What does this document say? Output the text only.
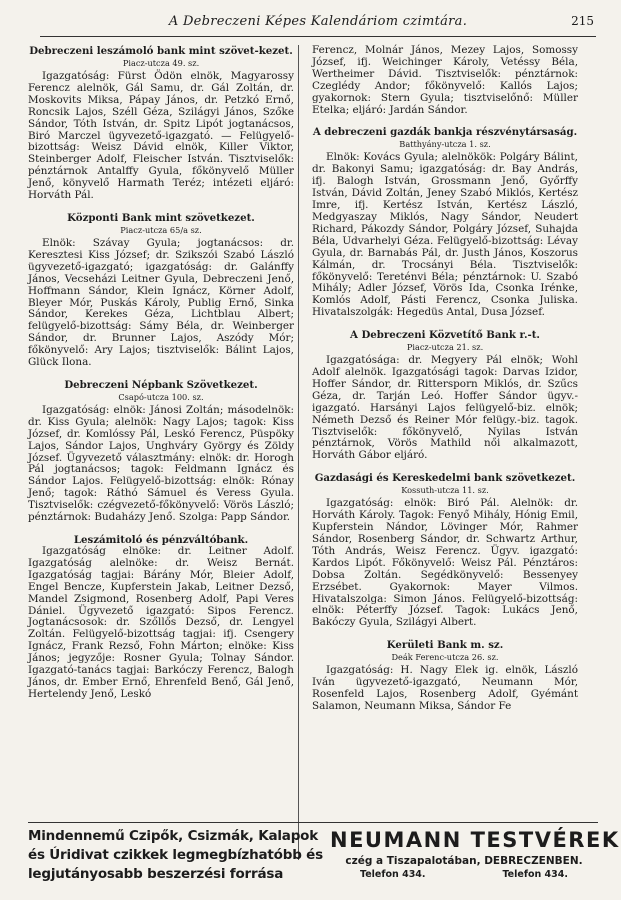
A Debreczeni Képes Kalendáriom czimtára.	215
Debreczeni leszámoló bank mint szövet-kezet.
Piacz-utcza 49. sz.

Igazgatóság: Fürst Ödön elnök, Magyarossy Ferencz alelnök, Gál Samu, dr. Gál Zoltán, dr. Moskovits Miksa, Pápay János, dr. Petzkó Ernő, Roncsik Lajos, Széll Géza, Szilágyi János, Szőke Sándor, Tóth István, dr. Spitz Lipót jogtanácsos, Biró Marczel ügyvezető-igazgató. — Felügyelő-bizottság: Weisz Dávid elnök, Killer Viktor, Steinberger Adolf, Fleischer István. Tisztviselők: pénztárnok Antalffy Gyula, főkönyvelő Müller Jenő, könyvelő Harmath Teréz; intézeti eljáró: Horváth Pál.

Központi Bank mint szövetkezet.
Piacz-utcza 65/a sz.

Elnök: Szávay Gyula; jogtanácsos: dr. Keresztesi Kiss József; dr. Szikszói Szabó László ügyvezető-igazgató; igazgatóság: dr. Galánffy János, Vecseházi Leitner Gyula, Debreczeni Jenő, Hoffmann Sándor, Klein Ignácz, Körner Adolf, Bleyer Mór, Puskás Károly, Publig Ernő, Sinka Sándor, Kerekes Géza, Lichtblau Albert; felügyelő-bizottság: Sámy Béla, dr. Weinberger Sándor, dr. Brunner Lajos, Aszódy Mór; főkönyvelő: Ary Lajos; tisztviselők: Bálint Lajos, Glück Ilona.

Debreczeni Népbank Szövetkezet.
Csapó-utcza 100. sz.

Igazgatóság: elnök: Jánosi Zoltán; másodelnök: dr. Kiss Gyula; alelnök: Nagy Lajos; tagok: Kiss József, dr. Komlóssy Pál, Leskó Ferencz, Püspöky Lajos, Sándor Lajos, Unghváry György és Zöldy József. Ügyvezető választmány: elnök: dr. Horogh Pál jogtanácsos; tagok: Feldmann Ignácz és Sándor Lajos. Felügyelő-bizottság: elnök: Rónay Jenő; tagok: Ráthó Sámuel és Veress Gyula. Tisztviselők: czégvezető-főkönyvelő: Vörös László; pénztárnok: Budaházy Jenő. Szolga: Papp Sándor.

Leszámitoló és pénzváltóbank.

Igazgatóság elnöke: dr. Leitner Adolf. Igazgatóság alelnöke: dr. Weisz Bernát. Igazgatóság tagjai: Bárány Mór, Bleier Adolf, Engel Bencze, Kupferstein Jakab, Leitner Dezső, Mandel Zsigmond, Rosenberg Adolf, Papi Veres Dániel. Ügyvezető igazgató: Sipos Ferencz. Jogtanácsosok: dr. Szőllős Dezső, dr. Lengyel Zoltán. Felügyelő-bizottság tagjai: ifj. Csengery Ignácz, Frank Rezső, Fohn Márton; elnöke: Kiss János; jegyzője: Rosner Gyula; Tolnay Sándor. Igazgató-tanács tagjai: Barkóczy Ferencz, Balogh János, dr. Ember Ernő, Ehrenfeld Benő, Gál Jenő, Hertelendy Jenő, Leskó

Ferencz, Molnár János, Mezey Lajos, Somossy József, ifj. Weichinger Károly, Vetéssy Béla, Wertheimer Dávid. Tisztviselők: pénztárnok: Czeglédy Andor; főkönyvelő: Kallós Lajos; gyakornok: Stern Gyula; tisztviselőnő: Müller Etelka; eljáró: Jardán Sándor.

A debreczeni gazdák bankja részvénytársaság.
Batthyány-utcza 1. sz.

Elnök: Kovács Gyula; alelnökök: Polgáry Bálint, dr. Bakonyi Samu; igazgatóság: dr. Bay András, ifj. Balogh István, Grossmann Jenő, Győrffy István, Dávid Zoltán, Jeney Szabó Miklós, Kertész Imre, ifj. Kertész István, Kertész László, Medgyaszay Miklós, Nagy Sándor, Neudert Richard, Pákozdy Sándor, Polgáry József, Suhajda Béla, Udvarhelyi Géza. Felügyelő-bizottság: Lévay Gyula, dr. Barnabás Pál, dr. Justh János, Koszorus Kálmán, dr. Trocsányi Béla. Tisztviselők: főkönyvelő: Tereténvi Béla; pénztárnok: U. Szabó Mihály; Adler József, Vörös Ida, Csonka Irénke, Komlós Adolf, Pásti Ferencz, Csonka Juliska. Hivatalszolgák: Hegedüs Antal, Dusa József.

A Debreczeni Közvetítő Bank r.-t.
Piacz-utcza 21. sz.

Igazgatósága: dr. Megyery Pál elnök; Wohl Adolf alelnök. Igazgatósági tagok: Darvas Izidor, Hoffer Sándor, dr. Rittersporn Miklós, dr. Szűcs Géza, dr. Tarján Leó. Hoffer Sándor ügyv.-igazgató. Harsányi Lajos felügyelő-biz. elnök; Németh Dezső és Reiner Mór felügy.-biz. tagok. Tisztviselők: főkönyvelő, Nyilas István pénztárnok, Vörös Mathild női alkalmazott, Horváth Gábor eljáró.

Gazdasági és Kereskedelmi bank szövetkezet.
Kossuth-utcza 11. sz.

Igazgatóság: elnök: Biró Pál. Alelnök: dr. Horváth Károly. Tagok: Fenyő Mihály, Hónig Emil, Kupferstein Nándor, Lövinger Mór, Rahmer Sándor, Rosenberg Sándor, dr. Schwartz Arthur, Tóth András, Weisz Ferencz. Ügyv. igazgató: Kardos Lipót. Főkönyvelő: Weisz Pál. Pénztáros: Dobsa Zoltán. Segédkönyvelő: Bessenyey Erzsébet. Gyakornok: Mayer Vilmos. Hivatalszolga: Simon János. Felügyelő-bizottság: elnök: Péterffy József. Tagok: Lukács Jenő, Bakóczy Gyula, Szilágyi Albert.

Kerületi Bank m. sz.
Deák Ferenc-utcza 26. sz.

Igazgatóság: H. Nagy Elek ig. elnök, László Iván ügyvezető-igazgató, Neumann Mór, Rosenfeld Lajos, Rosenberg Adolf, Gyémánt Salamon, Neumann Miksa, Sándor Fe

Mindennemű Czipők, Csizmák, Kalapok
és Úridivat czikkek legmegbízhatóbb és
legjutányosabb beszerzési forrása
NEUMANN TESTVÉREK
czég a Tiszapalotában, DEBRECZENBEN.
Telefon 434.	Telefon 434.
